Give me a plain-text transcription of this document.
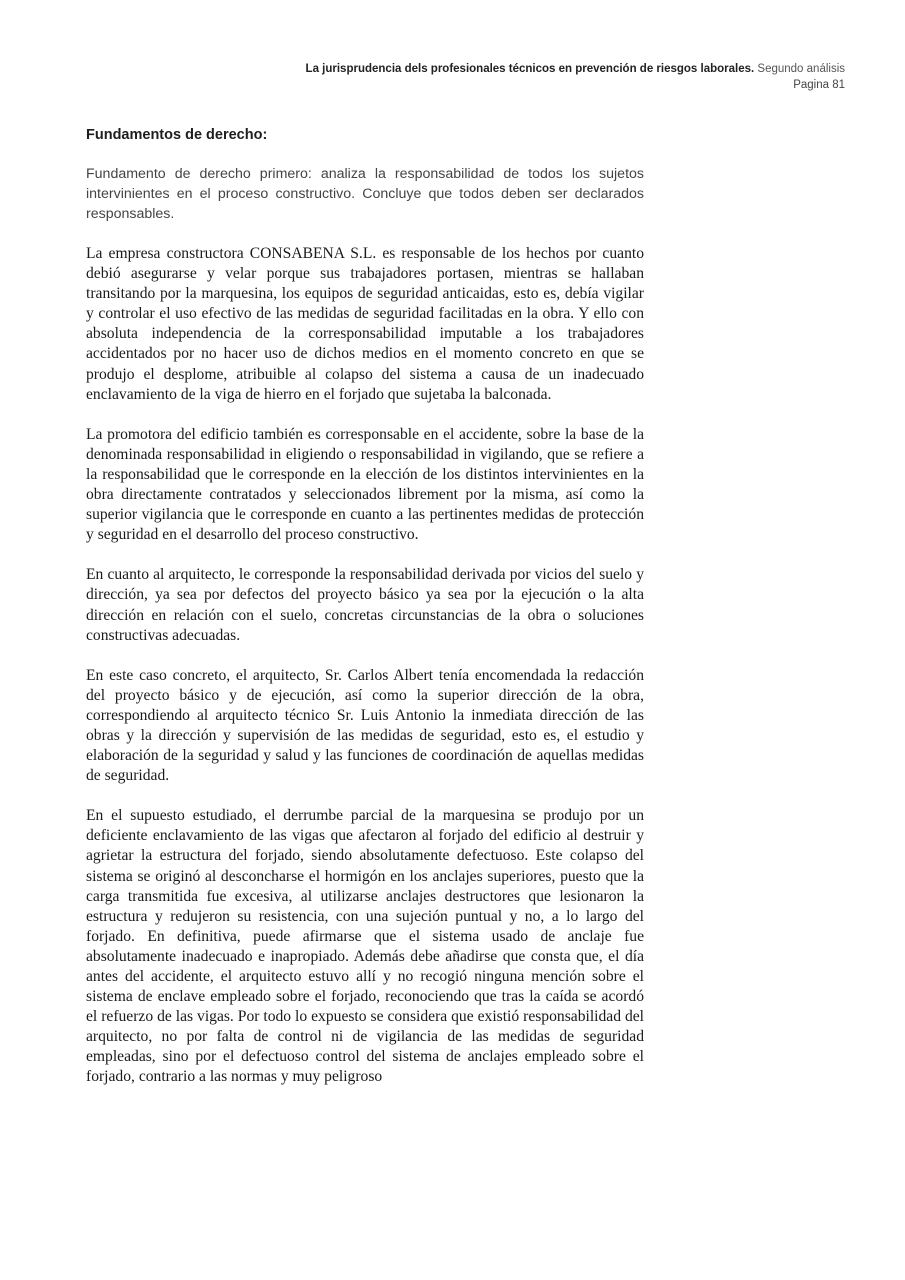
La jurisprudencia dels profesionales técnicos en prevención de riesgos laborales. Segundo análisis
Pagina 81
Fundamentos de derecho:

Fundamento de derecho primero: analiza la responsabilidad de todos los sujetos intervinientes en el proceso constructivo. Concluye que todos deben ser declarados responsables.

La empresa constructora CONSABENA S.L. es responsable de los hechos por cuanto debió asegurarse y velar porque sus trabajadores portasen, mientras se hallaban transitando por la marquesina, los equipos de seguridad anticaidas, esto es, debía vigilar y controlar el uso efectivo de las medidas de seguridad facilitadas en la obra. Y ello con absoluta independencia de la corresponsabilidad imputable a los trabajadores accidentados por no hacer uso de dichos medios en el momento concreto en que se produjo el desplome, atribuible al colapso del sistema a causa de un inadecuado enclavamiento de la viga de hierro en el forjado que sujetaba la balconada.

La promotora del edificio también es corresponsable en el accidente, sobre la base de la denominada responsabilidad in eligiendo o responsabilidad in vigilando, que se refiere a la responsabilidad que le corresponde en la elección de los distintos intervinientes en la obra directamente contratados y seleccionados librement por la misma, así como la superior vigilancia que le corresponde en cuanto a las pertinentes medidas de protección y seguridad en el desarrollo del proceso constructivo.

En cuanto al arquitecto, le corresponde la responsabilidad derivada por vicios del suelo y dirección, ya sea por defectos del proyecto básico ya sea por la ejecución o la alta dirección en relación con el suelo, concretas circunstancias de la obra o soluciones constructivas adecuadas.

En este caso concreto, el arquitecto, Sr. Carlos Albert tenía encomendada la redacción del proyecto básico y de ejecución, así como la superior dirección de la obra, correspondiendo al arquitecto técnico Sr. Luis Antonio la inmediata dirección de las obras y la dirección y supervisión de las medidas de seguridad, esto es, el estudio y elaboración de la seguridad y salud y las funciones de coordinación de aquellas medidas de seguridad.

En el supuesto estudiado, el derrumbe parcial de la marquesina se produjo por un deficiente enclavamiento de las vigas que afectaron al forjado del edificio al destruir y agrietar la estructura del forjado, siendo absolutamente defectuoso. Este colapso del sistema se originó al desconcharse el hormigón en los anclajes superiores, puesto que la carga transmitida fue excesiva, al utilizarse anclajes destructores que lesionaron la estructura y redujeron su resistencia, con una sujeción puntual y no, a lo largo del forjado. En definitiva, puede afirmarse que el sistema usado de anclaje fue absolutamente inadecuado e inapropiado. Además debe añadirse que consta que, el día antes del accidente, el arquitecto estuvo allí y no recogió ninguna mención sobre el sistema de enclave empleado sobre el forjado, reconociendo que tras la caída se acordó el refuerzo de las vigas. Por todo lo expuesto se considera que existió responsabilidad del arquitecto, no por falta de control ni de vigilancia de las medidas de seguridad empleadas, sino por el defectuoso control del sistema de anclajes empleado sobre el forjado, contrario a las normas y muy peligroso
